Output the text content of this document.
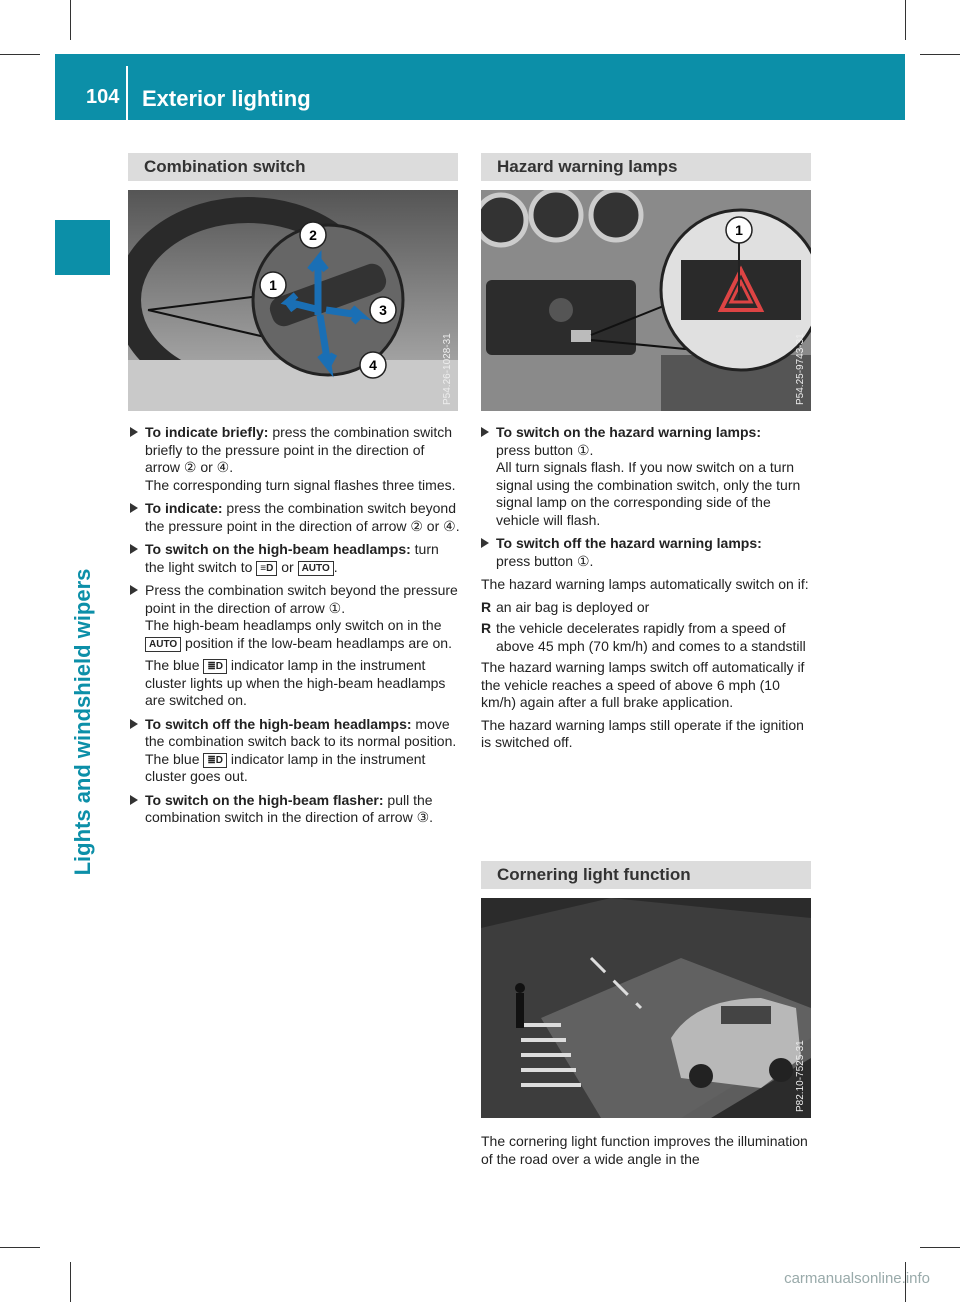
104 Exterior lighting
Lights and windshield wipers
Combination switch
2
1
3
4	P54.26-1028-31
To indicate briefly: press the combination switch briefly to the pressure point in the direction of arrow ② or ④.
The corresponding turn signal flashes three times.
To indicate: press the combination switch beyond the pressure point in the direction of arrow ② or ④.
To switch on the high-beam headlamps: turn the light switch to ≡D or AUTO .
Press the combination switch beyond the pressure point in the direction of arrow ①.
The high-beam headlamps only switch on in the AUTO position if the low-beam headlamps are on.
The blue ≣D indicator lamp in the instrument cluster lights up when the high-beam headlamps are switched on.
To switch off the high-beam headlamps: move the combination switch back to its normal position.
The blue ≣D indicator lamp in the instrument cluster goes out.
To switch on the high-beam flasher: pull the combination switch in the direction of arrow ③.
Hazard warning lamps
1
P54.25-9743-31
To switch on the hazard warning lamps:
press button ①.
All turn signals flash. If you now switch on a turn signal using the combination switch, only the turn signal lamp on the corresponding side of the vehicle will flash.
To switch off the hazard warning lamps:
press button ①.

The hazard warning lamps automatically switch on if:

R an air bag is deployed or
R the vehicle decelerates rapidly from a speed of above 45 mph (70 km/h) and comes to a standstill

The hazard warning lamps switch off automatically if the vehicle reaches a speed of above 6 mph (10 km/h) again after a full brake application.

The hazard warning lamps still operate if the ignition is switched off.

Cornering light function
P82.10-7525-31

The cornering light function improves the illumination of the road over a wide angle in the

carmanualsonline.info
